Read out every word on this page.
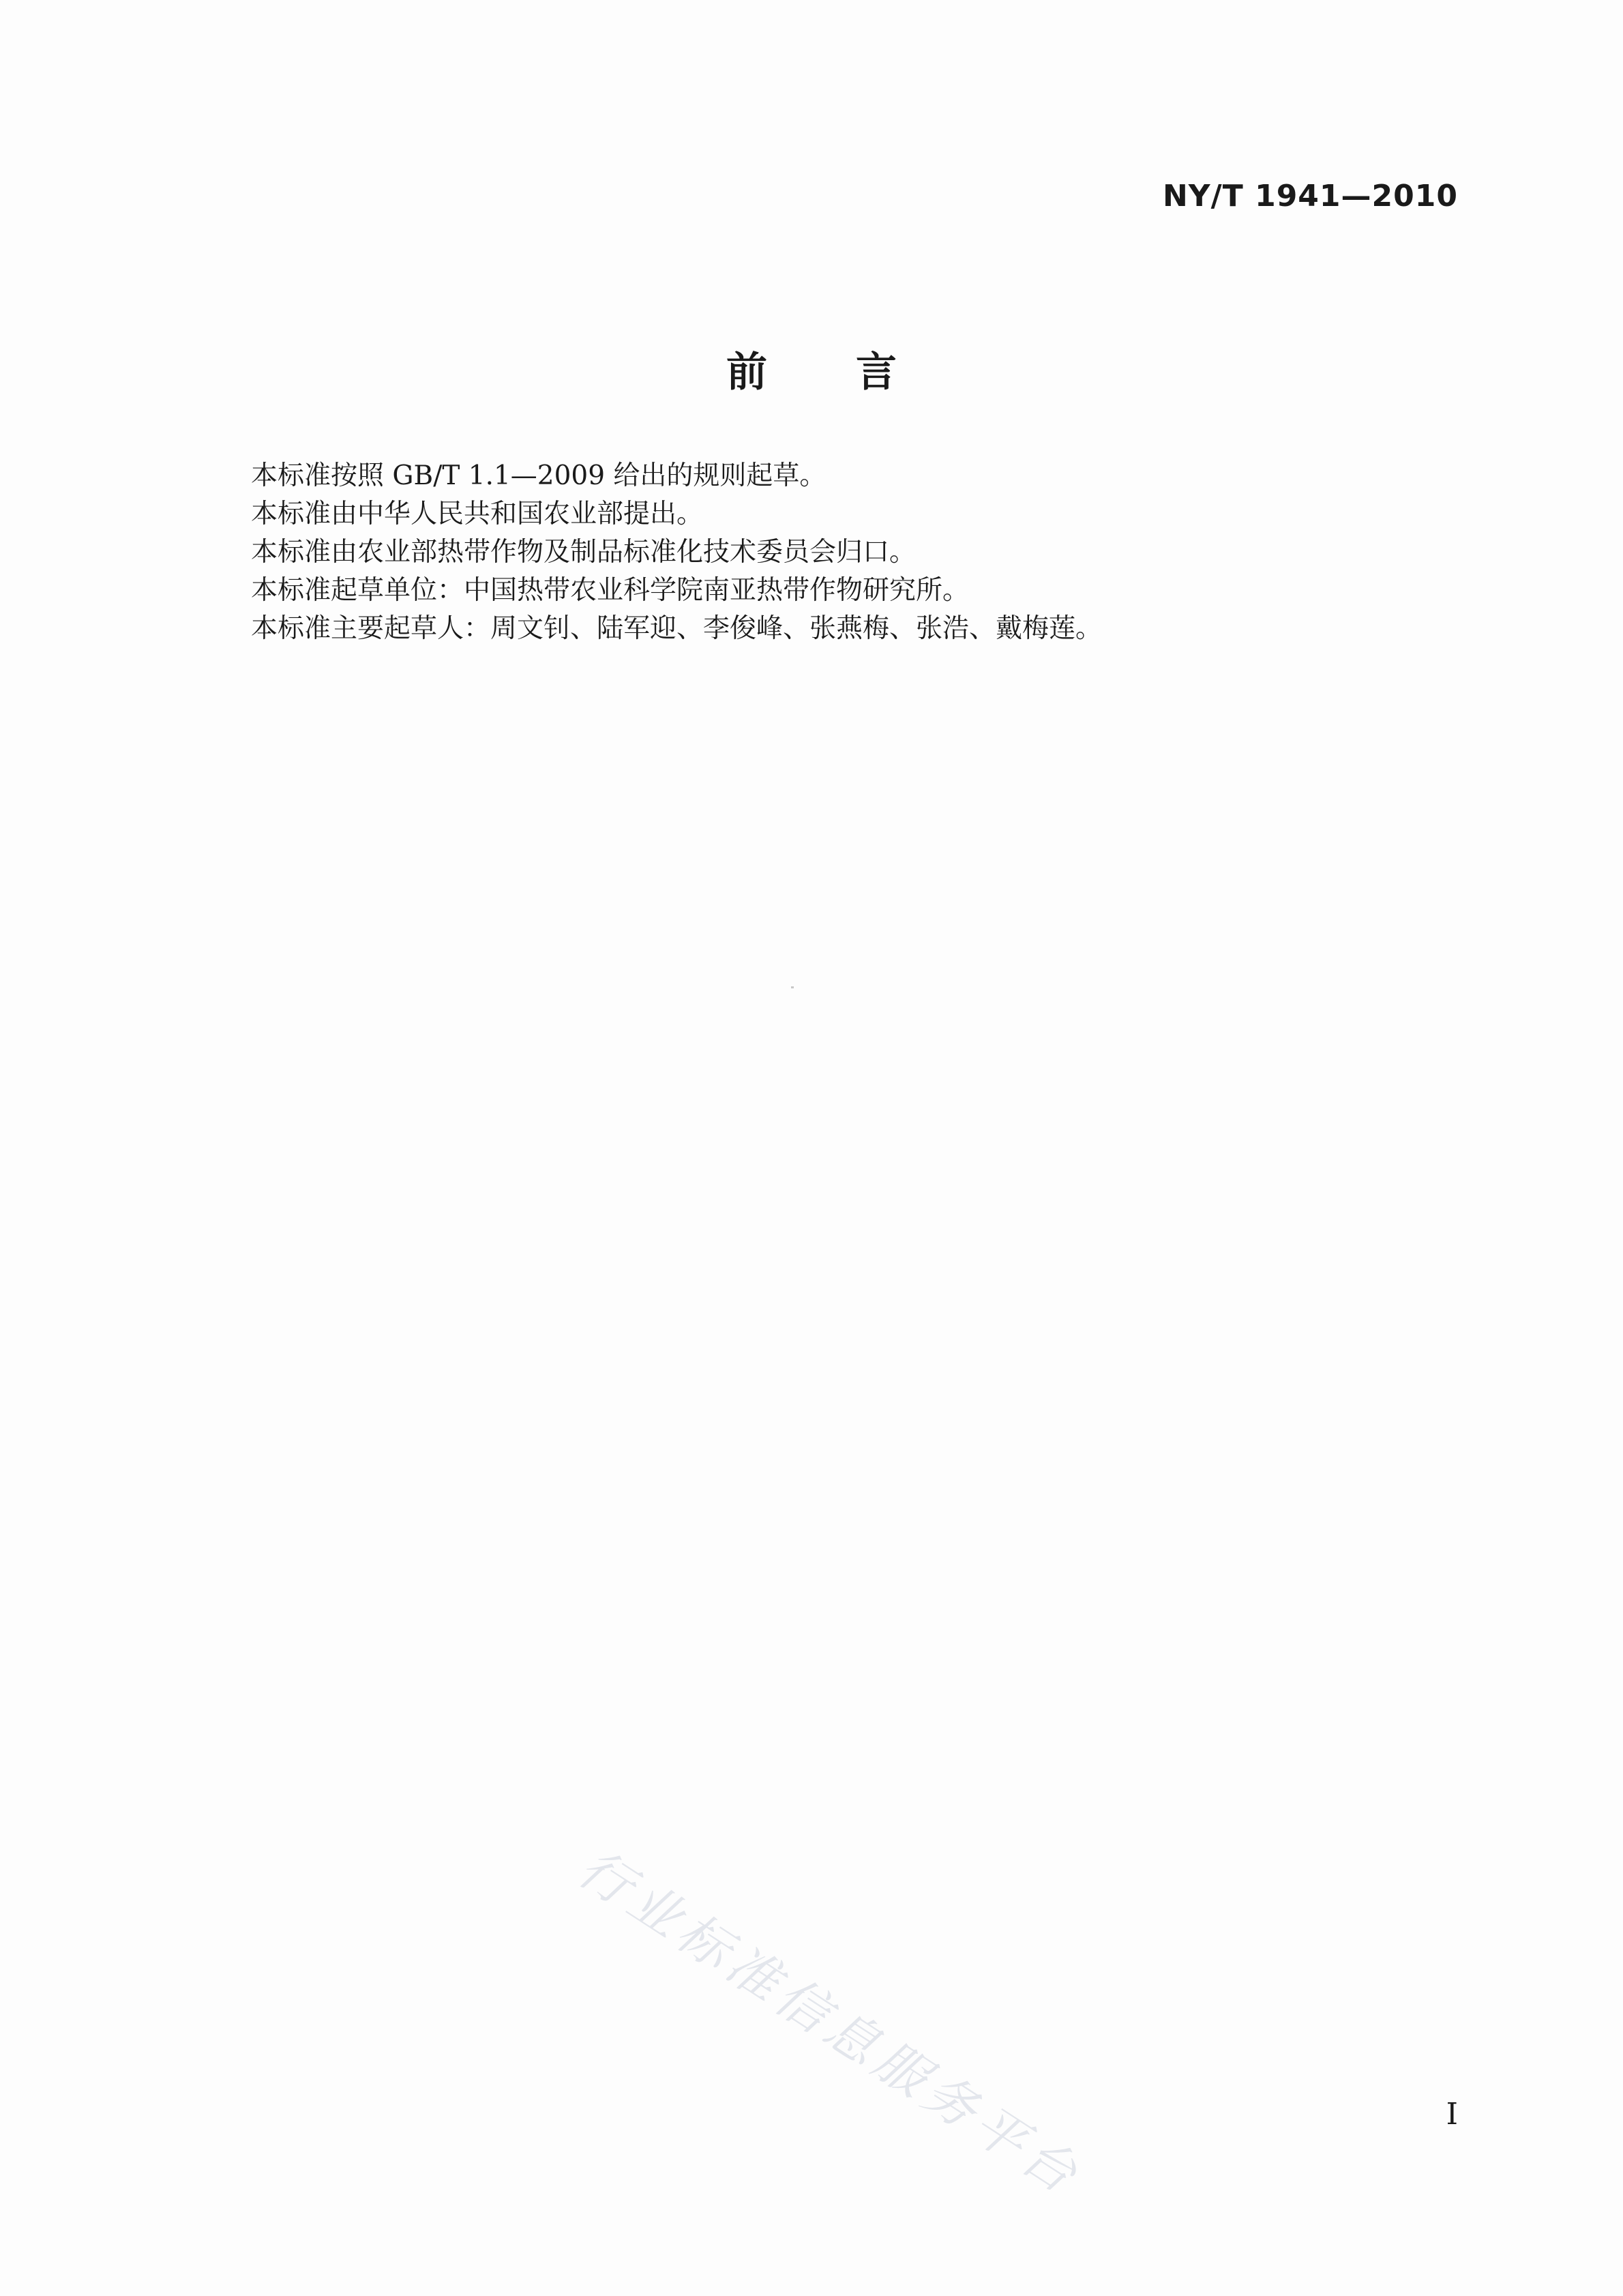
NY/T 1941—2010
前言
本标准按照 GB/T 1.1—2009 给出的规则起草。
本标准由中华人民共和国农业部提出。
本标准由农业部热带作物及制品标准化技术委员会归口。
本标准起草单位：中国热带农业科学院南亚热带作物研究所。
本标准主要起草人：周文钊、陆军迎、李俊峰、张燕梅、张浩、戴梅莲。
行业标准信息服务平台	I
